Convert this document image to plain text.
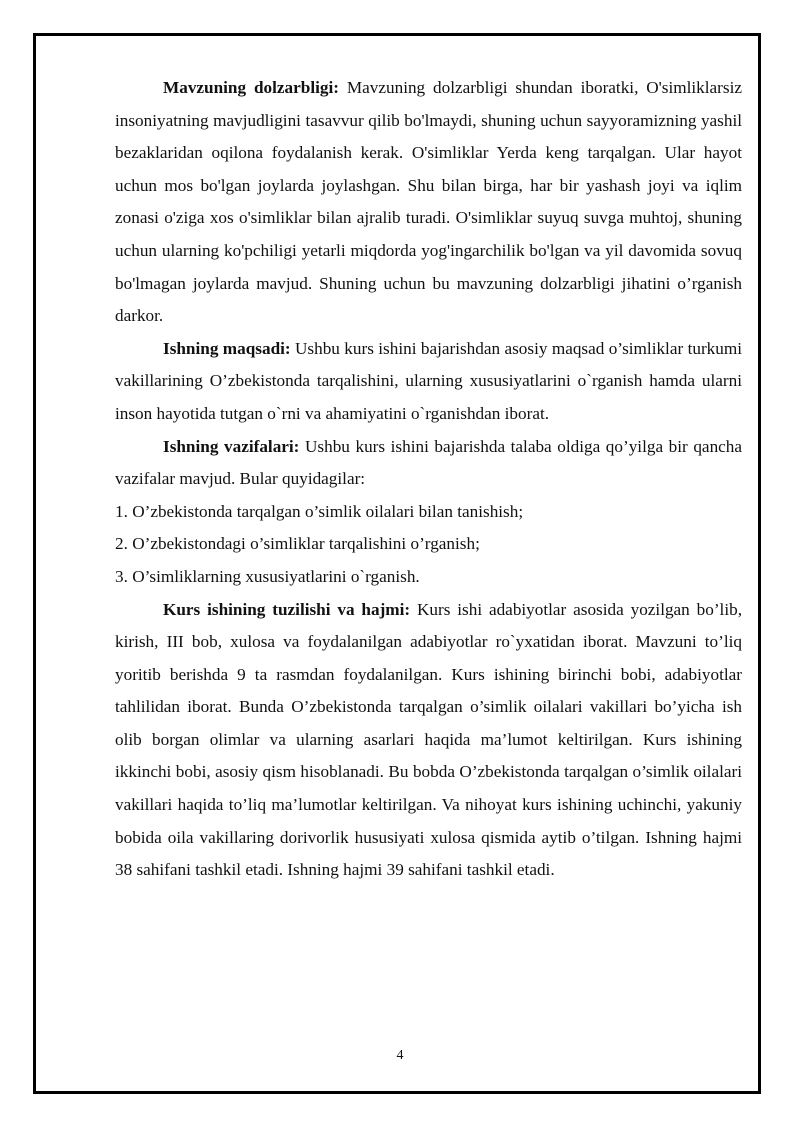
Mavzuning dolzarbligi: Mavzuning dolzarbligi shundan iboratki, O'simliklarsiz insoniyatning mavjudligini tasavvur qilib bo'lmaydi, shuning uchun sayyoramizning yashil bezaklaridan oqilona foydalanish kerak. O'simliklar Yerda keng tarqalgan. Ular hayot uchun mos bo'lgan joylarda joylashgan. Shu bilan birga, har bir yashash joyi va iqlim zonasi o'ziga xos o'simliklar bilan ajralib turadi. O'simliklar suyuq suvga muhtoj, shuning uchun ularning ko'pchiligi yetarli miqdorda yog'ingarchilik bo'lgan va yil davomida sovuq bo'lmagan joylarda mavjud. Shuning uchun bu mavzuning dolzarbligi jihatini o’rganish darkor.

Ishning maqsadi: Ushbu kurs ishini bajarishdan asosiy maqsad o’simliklar turkumi vakillarining O’zbekistonda tarqalishini, ularning xususiyatlarini o`rganish hamda ularni inson hayotida tutgan o`rni va ahamiyatini o`rganishdan iborat.

Ishning vazifalari: Ushbu kurs ishini bajarishda talaba oldiga qo’yilga bir qancha vazifalar mavjud. Bular quyidagilar:

1. O’zbekistonda tarqalgan o’simlik oilalari bilan tanishish;

2. O’zbekistondagi o’simliklar tarqalishini o’rganish;

3. O’simliklarning xususiyatlarini o`rganish.

Kurs ishining tuzilishi va hajmi: Kurs ishi adabiyotlar asosida yozilgan bo’lib, kirish, III bob, xulosa va foydalanilgan adabiyotlar ro`yxatidan iborat. Mavzuni to’liq yoritib berishda 9 ta rasmdan foydalanilgan. Kurs ishining birinchi bobi, adabiyotlar tahlilidan iborat. Bunda O’zbekistonda tarqalgan o’simlik oilalari vakillari bo’yicha ish olib borgan olimlar va ularning asarlari haqida ma’lumot keltirilgan. Kurs ishining ikkinchi bobi, asosiy qism hisoblanadi. Bu bobda O’zbekistonda tarqalgan o’simlik oilalari vakillari haqida to’liq ma’lumotlar keltirilgan. Va nihoyat kurs ishining uchinchi, yakuniy bobida oila vakillaring dorivorlik hususiyati xulosa qismida aytib o’tilgan. Ishning hajmi 38 sahifani tashkil etadi. Ishning hajmi 39 sahifani tashkil etadi.

4
